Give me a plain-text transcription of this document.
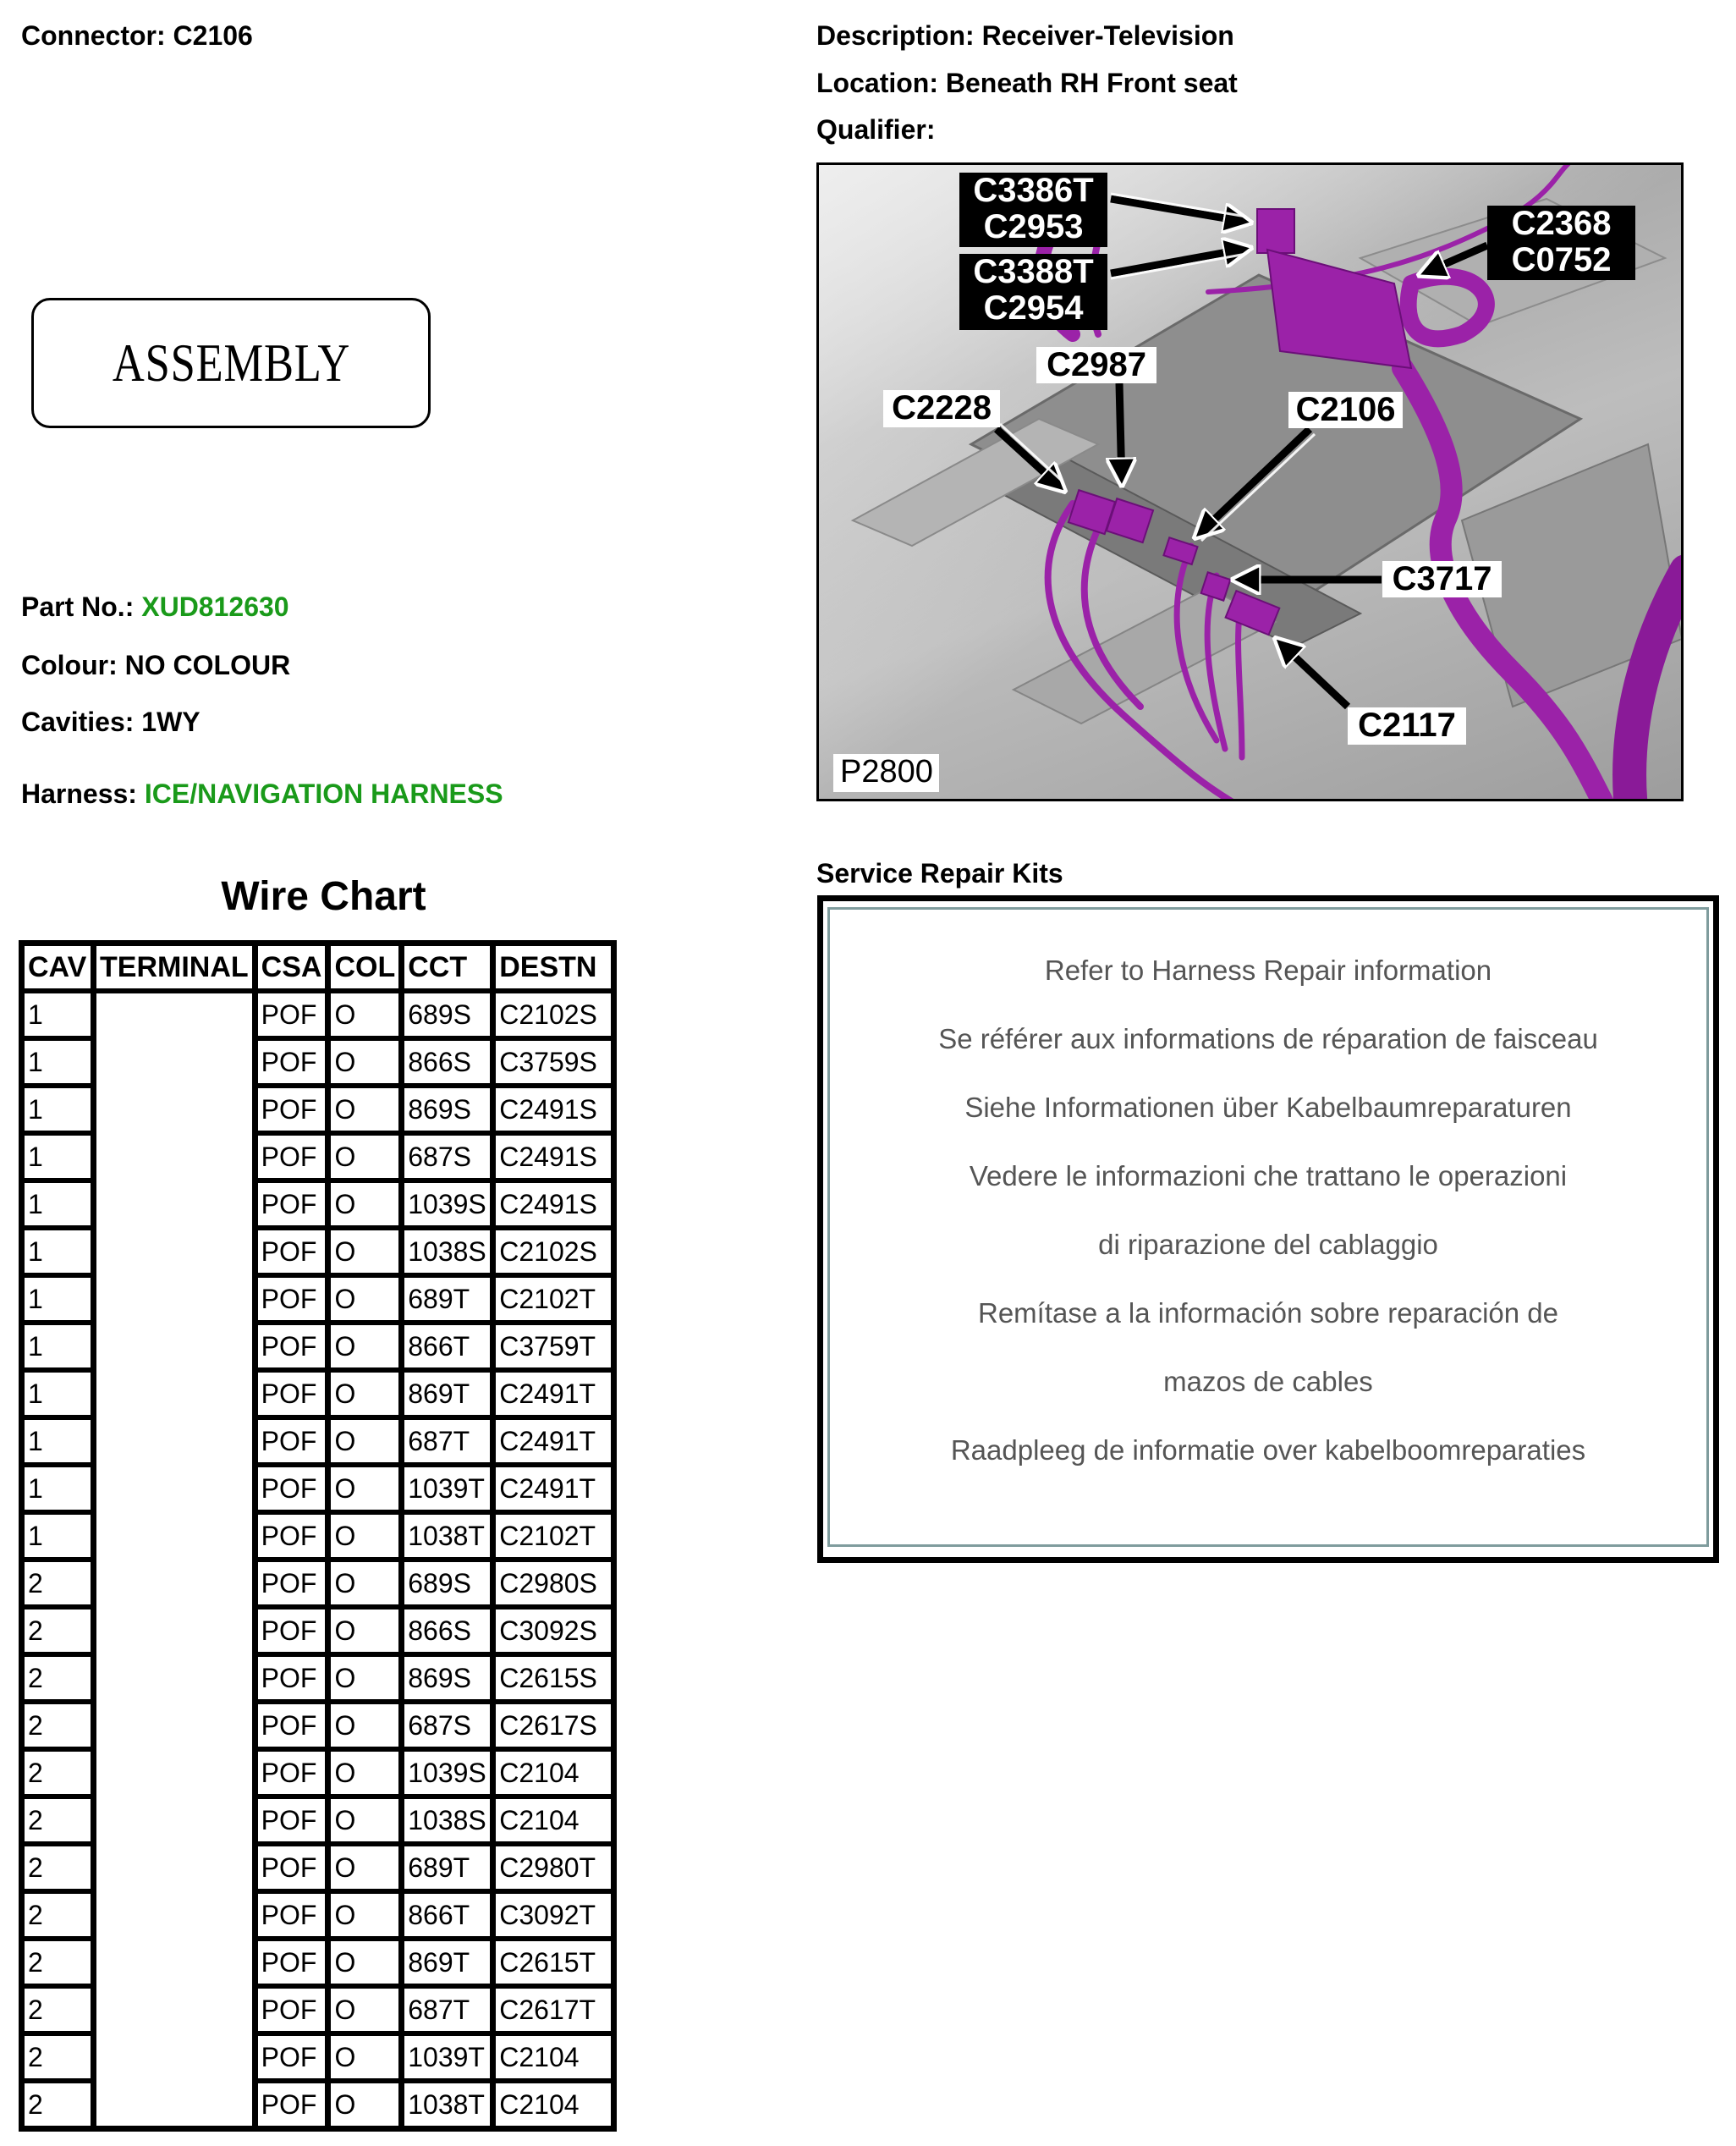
Connector: C2106	Description: Receiver-Television
Location: Beneath RH Front seat
Qualifier:
ASSEMBLY
Part No.: XUD812630
Colour: NO COLOUR
Cavities: 1WY
Harness: ICE/NAVIGATION HARNESS
Wire Chart
CAV	TERMINAL	CSA	COL	CCT	DESTN
1		POF	O	689S	C2102S
1		POF	O	866S	C3759S
1		POF	O	869S	C2491S
1		POF	O	687S	C2491S
1		POF	O	1039S	C2491S
1		POF	O	1038S	C2102S
1		POF	O	689T	C2102T
1		POF	O	866T	C3759T
1		POF	O	869T	C2491T
1		POF	O	687T	C2491T
1		POF	O	1039T	C2491T
1		POF	O	1038T	C2102T
2		POF	O	689S	C2980S
2		POF	O	866S	C3092S
2		POF	O	869S	C2615S
2		POF	O	687S	C2617S
2		POF	O	1039S	C2104
2		POF	O	1038S	C2104
2		POF	O	689T	C2980T
2		POF	O	866T	C3092T
2		POF	O	869T	C2615T
2		POF	O	687T	C2617T
2		POF	O	1039T	C2104
2		POF	O	1038T	C2104
C3386T
C2953
C3388T
C2954
C2368
C0752
C2987
C2228	C2106
C3717
C2117
P2800
Service Repair Kits
Refer to Harness Repair information
Se référer aux informations de réparation de faisceau
Siehe Informationen über Kabelbaumreparaturen
Vedere le informazioni che trattano le operazioni
di riparazione del cablaggio
Remítase a la información sobre reparación de
mazos de cables
Raadpleeg de informatie over kabelboomreparaties
